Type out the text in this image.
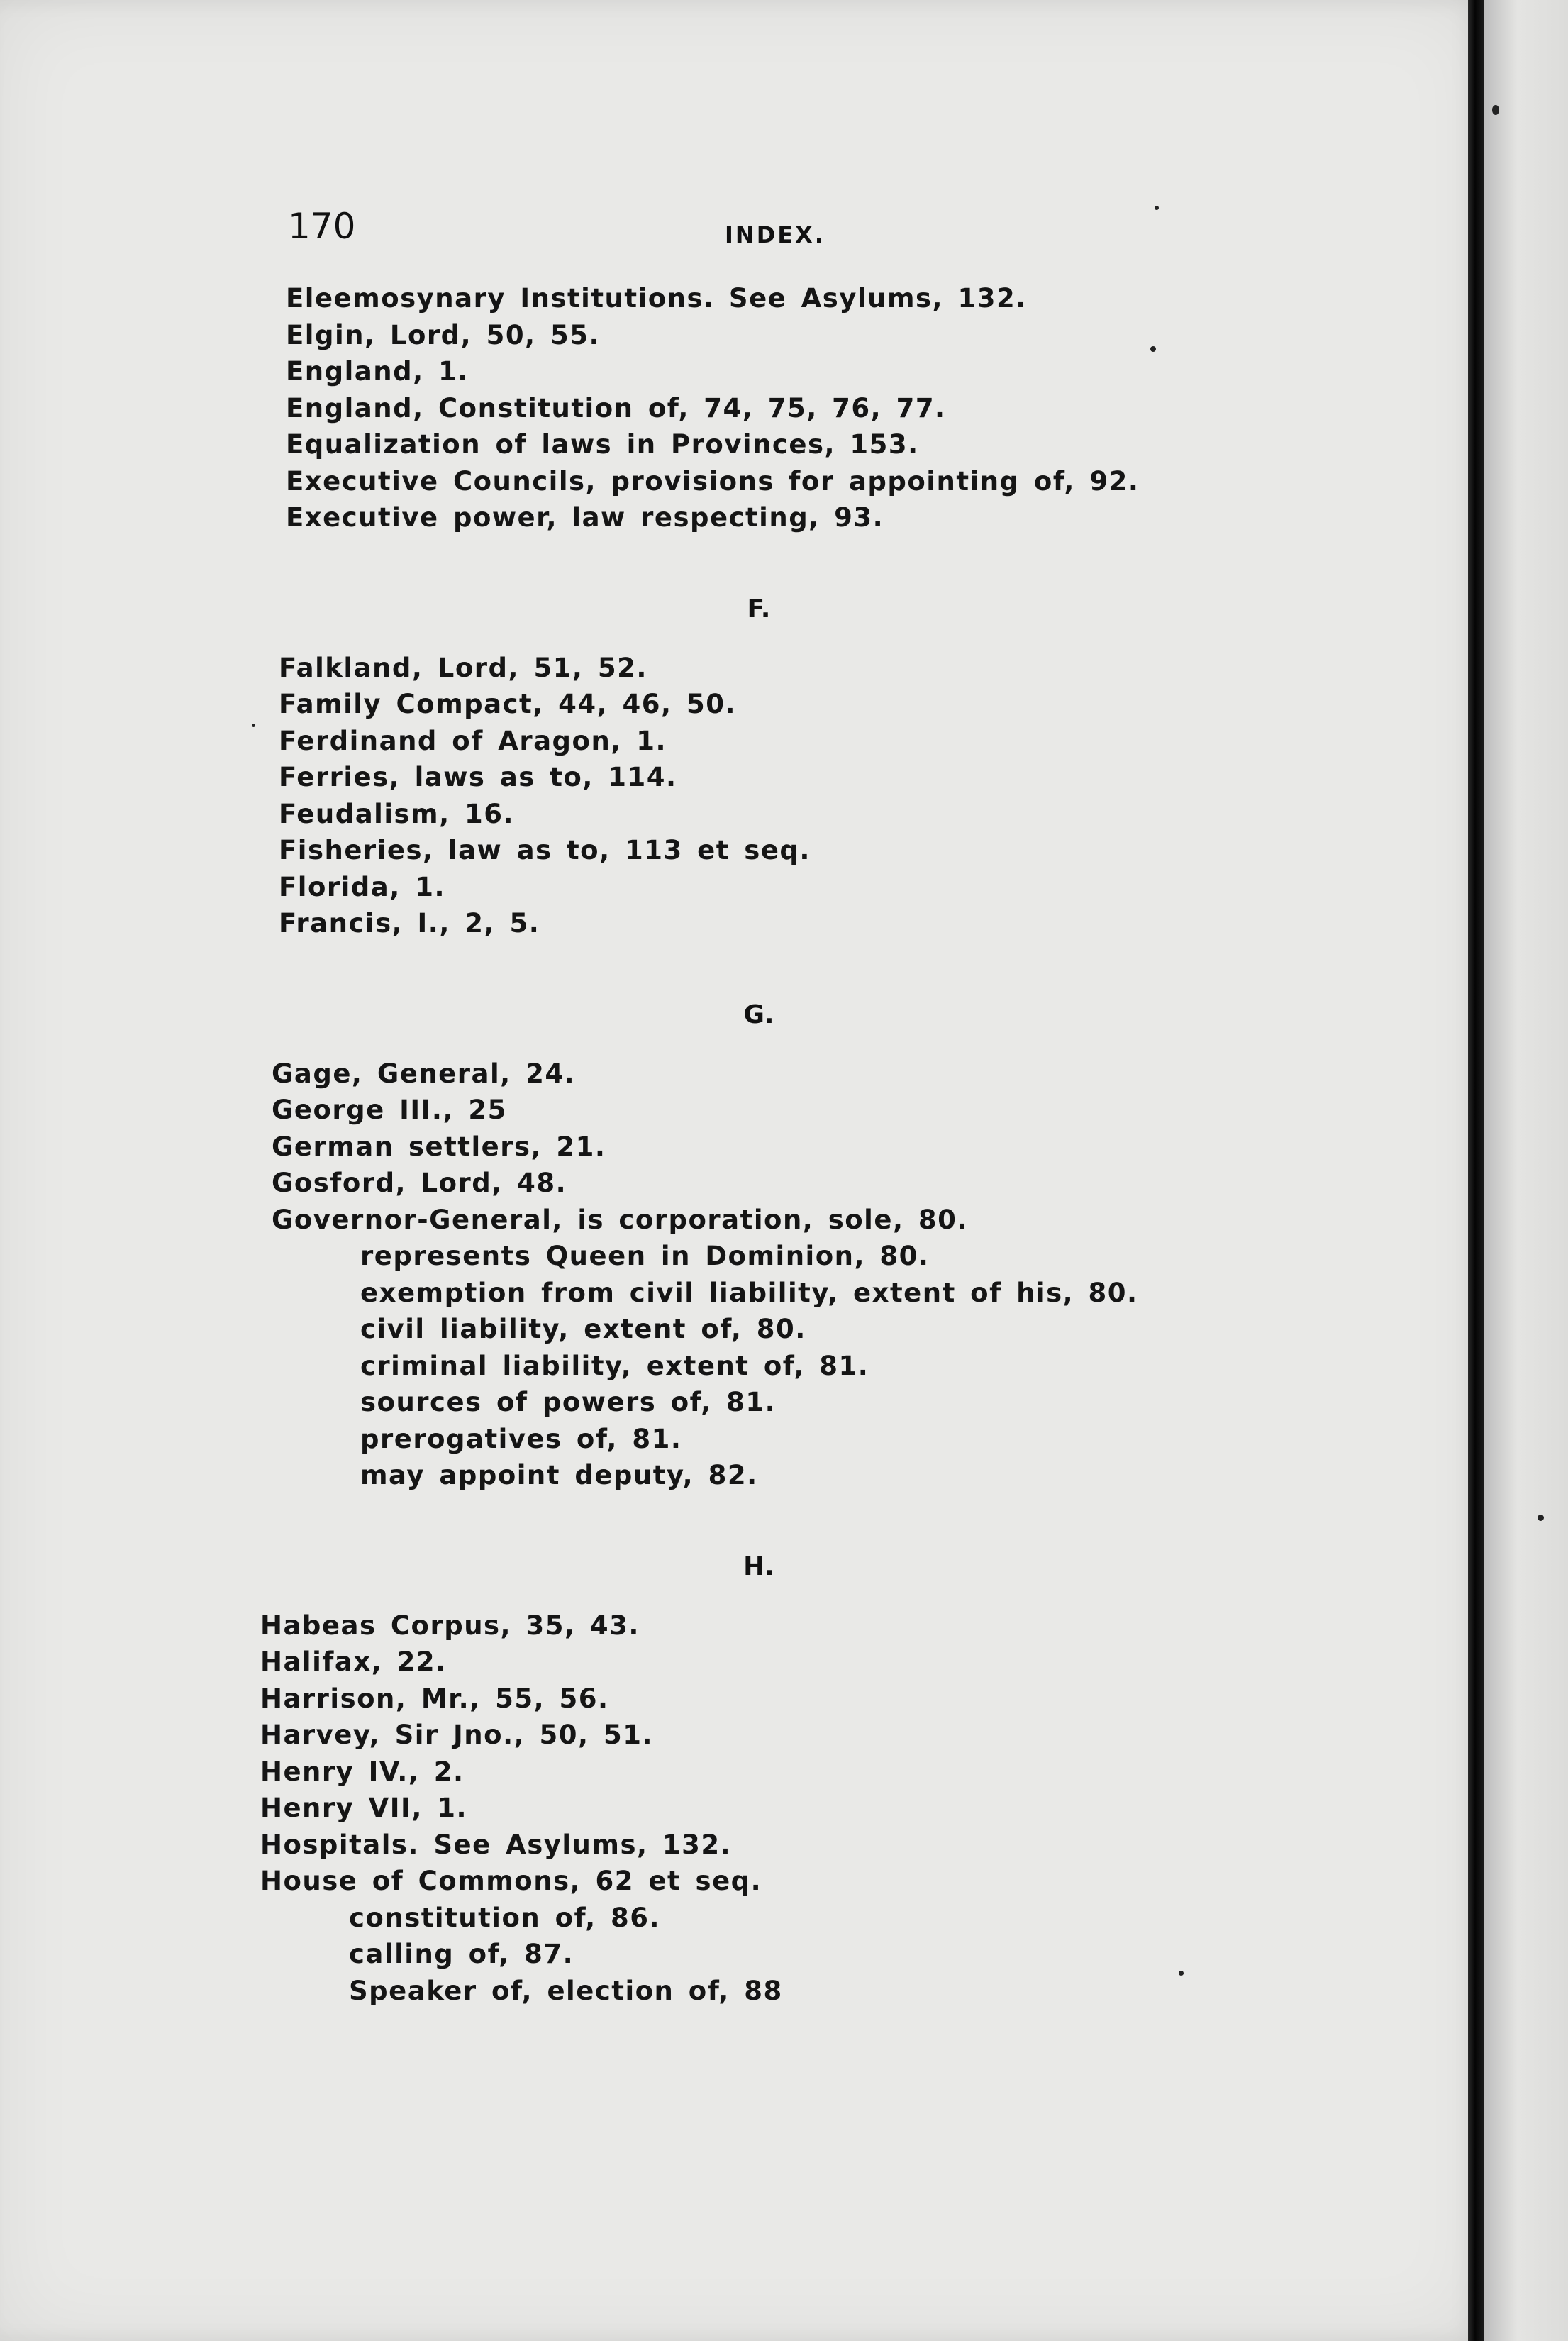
170	INDEX.
Eleemosynary Institutions. See Asylums, 132.
Elgin, Lord, 50, 55.
England, 1.
England, Constitution of, 74, 75, 76, 77.
Equalization of laws in Provinces, 153.
Executive Councils, provisions for appointing of, 92.
Executive power, law respecting, 93.
F.
Falkland, Lord, 51, 52.
Family Compact, 44, 46, 50.
Ferdinand of Aragon, 1.
Ferries, laws as to, 114.
Feudalism, 16.
Fisheries, law as to, 113 et seq.
Florida, 1.
Francis, I., 2, 5.
G.
Gage, General, 24.
George III., 25
German settlers, 21.
Gosford, Lord, 48.
Governor-General, is corporation, sole, 80.
represents Queen in Dominion, 80.
exemption from civil liability, extent of his, 80.
civil liability, extent of, 80.
criminal liability, extent of, 81.
sources of powers of, 81.
prerogatives of, 81.
may appoint deputy, 82.
H.
Habeas Corpus, 35, 43.
Halifax, 22.
Harrison, Mr., 55, 56.
Harvey, Sir Jno., 50, 51.
Henry IV., 2.
Henry VII, 1.
Hospitals. See Asylums, 132.
House of Commons, 62 et seq.
constitution of, 86.
calling of, 87.
Speaker of, election of, 88
